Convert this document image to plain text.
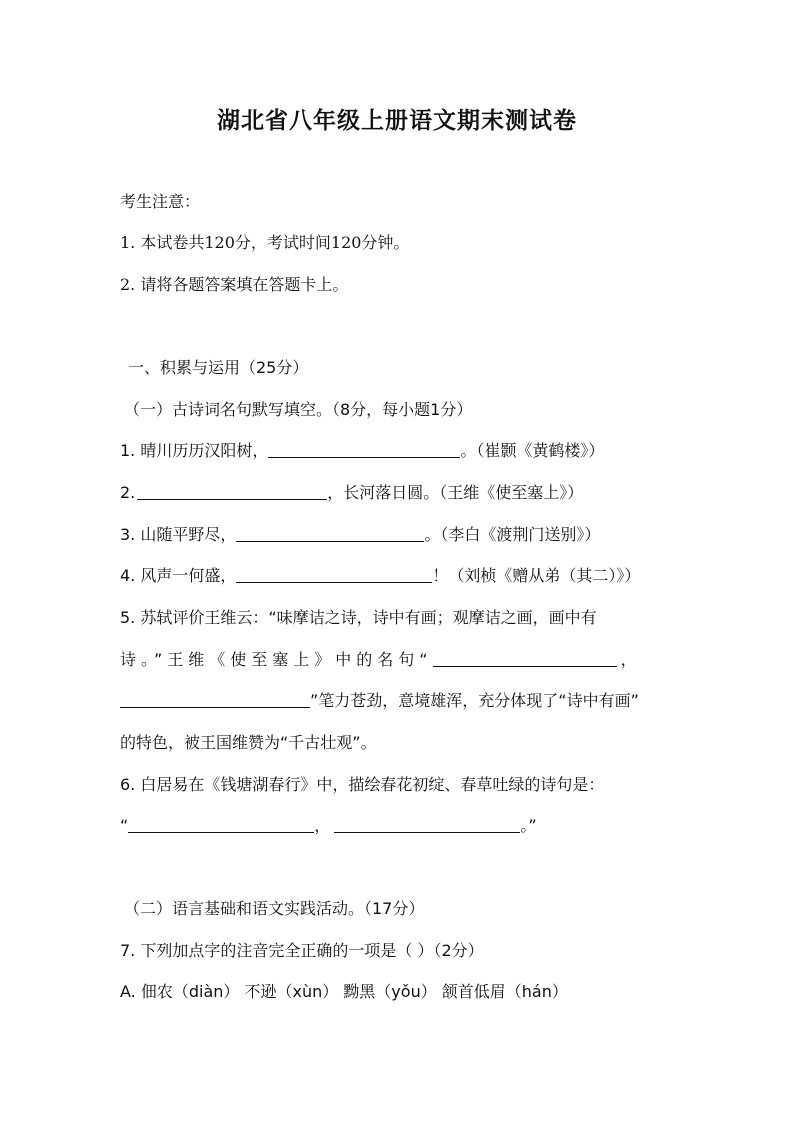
湖北省八年级上册语文期末测试卷
考生注意：
1. 本试卷共120分，考试时间120分钟。
2. 请将各题答案填在答题卡上。
一、积累与运用（25分）
（一）古诗词名句默写填空。（8分，每小题1分）
1. 晴川历历汉阳树，	。（崔颢《黄鹤楼》）
2.	，长河落日圆。（王维《使至塞上》）
3. 山随平野尽，	。（李白《渡荆门送别》）
4. 风声一何盛，	！（刘桢《赠从弟（其二）》）
5. 苏轼评价王维云：“味摩诘之诗，诗中有画；观摩诘之画，画中有
诗。”王维《使至塞上》中的名句“	，
”笔力苍劲，意境雄浑，充分体现了“诗中有画”
的特色，被王国维赞为“千古壮观”。
6. 白居易在《钱塘湖春行》中，描绘春花初绽、春草吐绿的诗句是：
“	，	。”
（二）语言基础和语文实践活动。（17分）
7. 下列加点字的注音完全正确的一项是（ ）（2分）
A. 佃农（diàn） 不逊（xùn） 黝黑（yǒu） 颔首低眉（hán）
